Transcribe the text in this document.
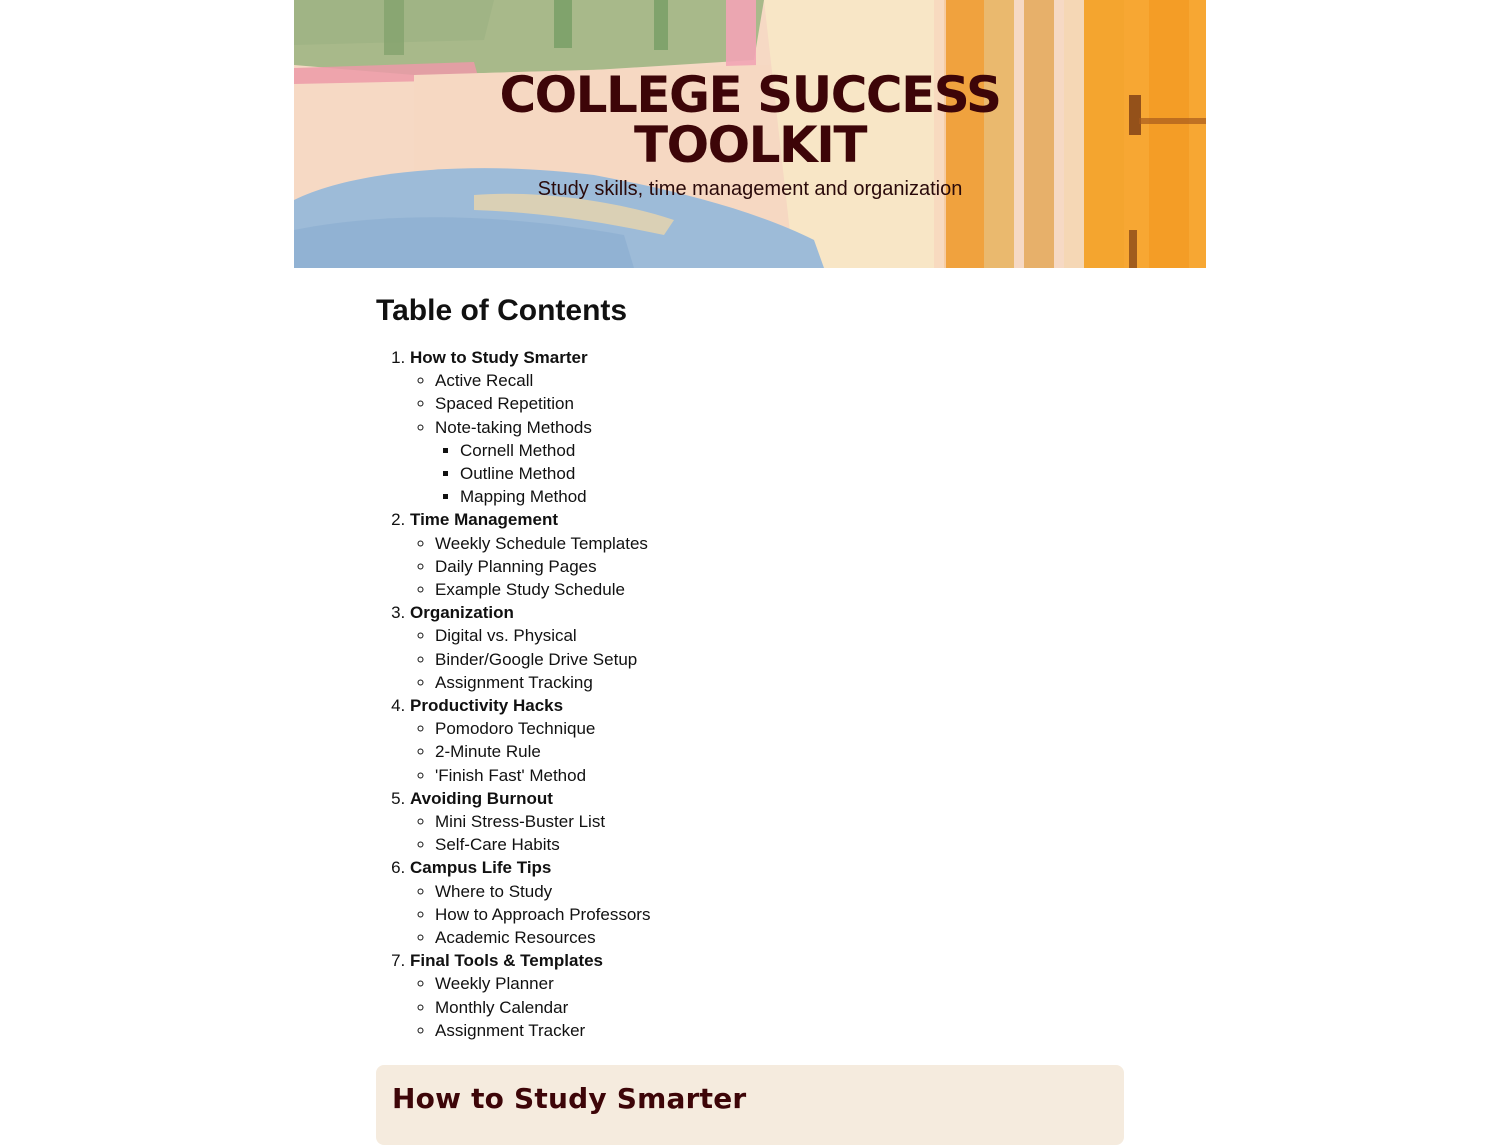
COLLEGE SUCCESS
TOOLKIT
Study skills, time management and organization
Table of Contents
1. How to Study Smarter
◦ Active Recall
◦ Spaced Repetition
◦ Note-taking Methods
▪ Cornell Method
▪ Outline Method
▪ Mapping Method
2. Time Management
◦ Weekly Schedule Templates
◦ Daily Planning Pages
◦ Example Study Schedule
3. Organization
◦ Digital vs. Physical
◦ Binder/Google Drive Setup
◦ Assignment Tracking
4. Productivity Hacks
◦ Pomodoro Technique
◦ 2-Minute Rule
◦ 'Finish Fast' Method
5. Avoiding Burnout
◦ Mini Stress-Buster List
◦ Self-Care Habits
6. Campus Life Tips
◦ Where to Study
◦ How to Approach Professors
◦ Academic Resources
7. Final Tools & Templates
◦ Weekly Planner
◦ Monthly Calendar
◦ Assignment Tracker
How to Study Smarter
